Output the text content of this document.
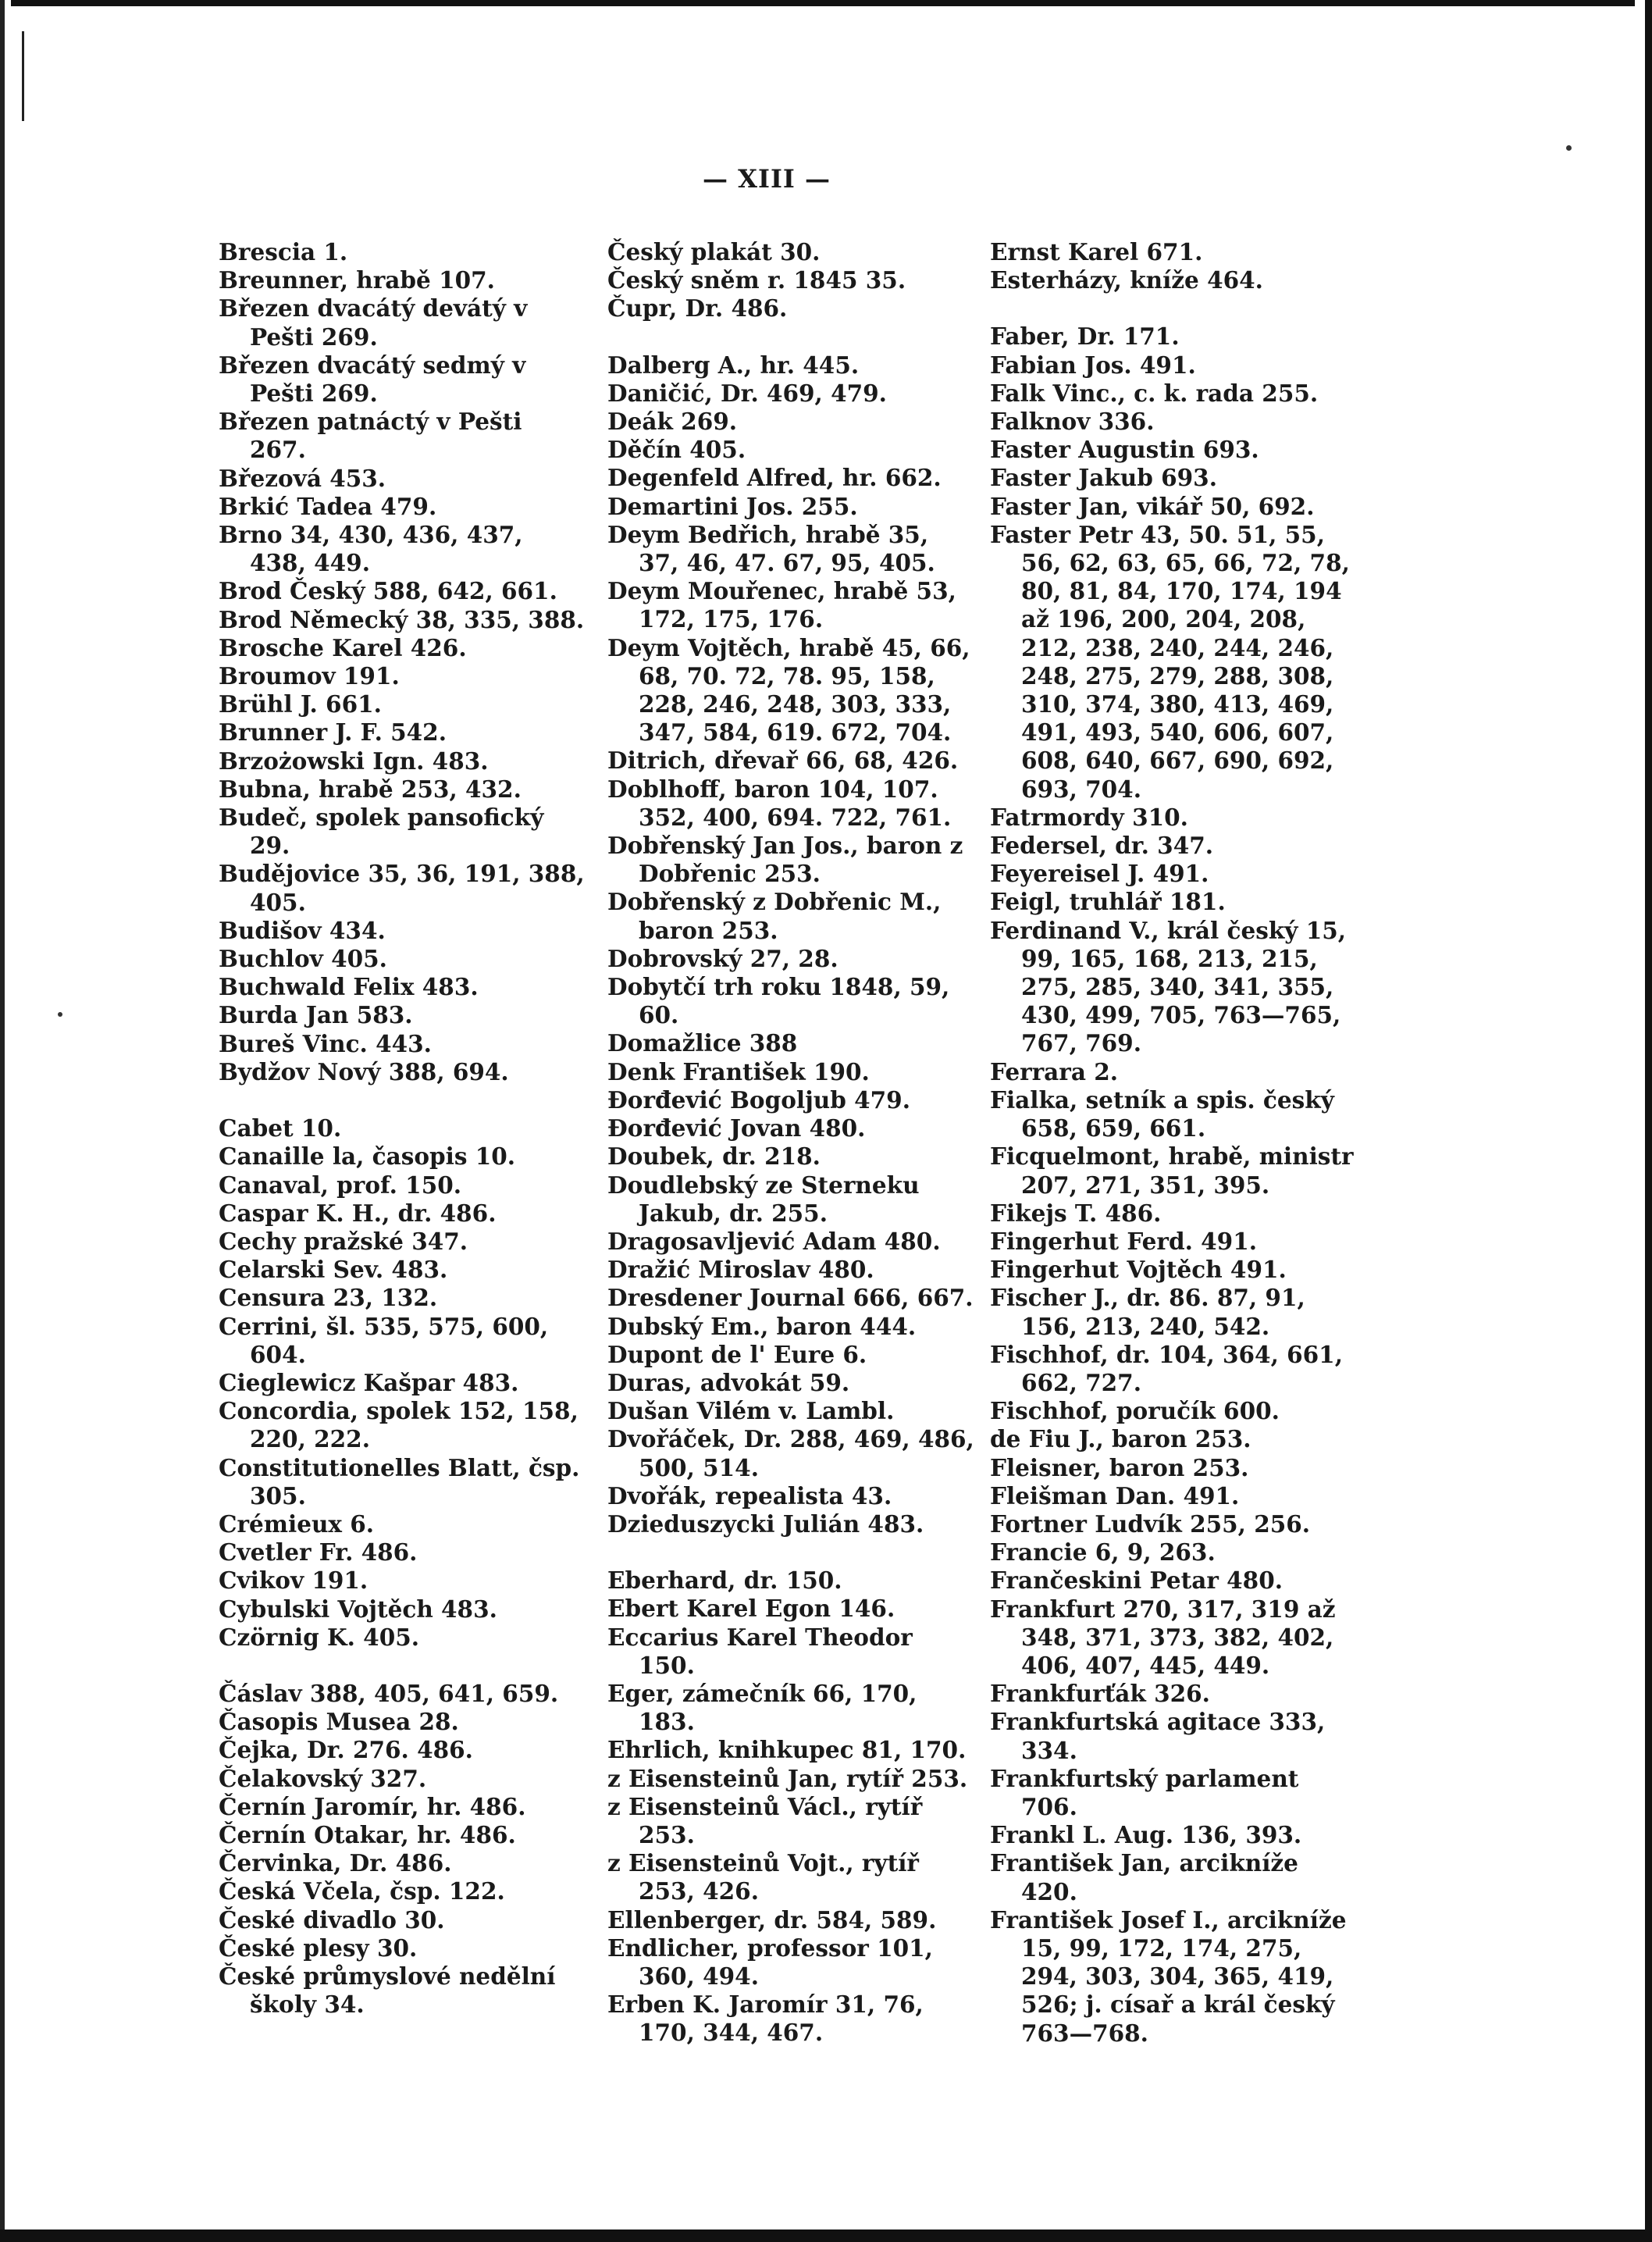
— XIII —
Brescia 1.
Breunner, hrabě 107.
Březen dvacátý devátý v Pešti 269.
Březen dvacátý sedmý v Pešti 269.
Březen patnáctý v Pešti 267.
Březová 453.
Brkić Tadea 479.
Brno 34, 430, 436, 437, 438, 449.
Brod Český 588, 642, 661.
Brod Německý 38, 335, 388.
Brosche Karel 426.
Broumov 191.
Brühl J. 661.
Brunner J. F. 542.
Brzożowski Ign. 483.
Bubna, hrabě 253, 432.
Budeč, spolek pansofický 29.
Budějovice 35, 36, 191, 388, 405.
Budišov 434.
Buchlov 405.
Buchwald Felix 483.
Burda Jan 583.
Bureš Vinc. 443.
Bydžov Nový 388, 694.
Cabet 10.
Canaille la, časopis 10.
Canaval, prof. 150.
Caspar K. H., dr. 486.
Cechy pražské 347.
Celarski Sev. 483.
Censura 23, 132.
Cerrini, šl. 535, 575, 600, 604.
Cieglewicz Kašpar 483.
Concordia, spolek 152, 158, 220, 222.
Constitutionelles Blatt, čsp. 305.
Crémieux 6.
Cvetler Fr. 486.
Cvikov 191.
Cybulski Vojtěch 483.
Czörnig K. 405.
Čáslav 388, 405, 641, 659.
Časopis Musea 28.
Čejka, Dr. 276. 486.
Čelakovský 327.
Černín Jaromír, hr. 486.
Černín Otakar, hr. 486.
Červinka, Dr. 486.
Česká Včela, čsp. 122.
České divadlo 30.
České plesy 30.
České průmyslové nedělní školy 34.
Český plakát 30.
Český sněm r. 1845 35.
Čupr, Dr. 486.
Dalberg A., hr. 445.
Daničić, Dr. 469, 479.
Deák 269.
Děčín 405.
Degenfeld Alfred, hr. 662.
Demartini Jos. 255.
Deym Bedřich, hrabě 35, 37, 46, 47. 67, 95, 405.
Deym Mouřenec, hrabě 53, 172, 175, 176.
Deym Vojtěch, hrabě 45, 66, 68, 70. 72, 78. 95, 158, 228, 246, 248, 303, 333, 347, 584, 619. 672, 704.
Ditrich, dřevař 66, 68, 426.
Doblhoff, baron 104, 107. 352, 400, 694. 722, 761.
Dobřenský Jan Jos., baron z Dobřenic 253.
Dobřenský z Dobřenic M., baron 253.
Dobrovský 27, 28.
Dobytčí trh roku 1848, 59, 60.
Domažlice 388
Denk František 190.
Đorđević Bogoljub 479.
Đorđević Jovan 480.
Doubek, dr. 218.
Doudlebský ze Sterneku Jakub, dr. 255.
Dragosavljević Adam 480.
Dražić Miroslav 480.
Dresdener Journal 666, 667.
Dubský Em., baron 444.
Dupont de l' Eure 6.
Duras, advokát 59.
Dušan Vilém v. Lambl.
Dvořáček, Dr. 288, 469, 486, 500, 514.
Dvořák, repealista 43.
Dzieduszycki Julián 483.
Eberhard, dr. 150.
Ebert Karel Egon 146.
Eccarius Karel Theodor 150.
Eger, zámečník 66, 170, 183.
Ehrlich, knihkupec 81, 170.
z Eisensteinů Jan, rytíř 253.
z Eisensteinů Václ., rytíř 253.
z Eisensteinů Vojt., rytíř 253, 426.
Ellenberger, dr. 584, 589.
Endlicher, professor 101, 360, 494.
Erben K. Jaromír 31, 76, 170, 344, 467.
Ernst Karel 671.
Esterházy, kníže 464.
Faber, Dr. 171.
Fabian Jos. 491.
Falk Vinc., c. k. rada 255.
Falknov 336.
Faster Augustin 693.
Faster Jakub 693.
Faster Jan, vikář 50, 692.
Faster Petr 43, 50. 51, 55, 56, 62, 63, 65, 66, 72, 78, 80, 81, 84, 170, 174, 194 až 196, 200, 204, 208, 212, 238, 240, 244, 246, 248, 275, 279, 288, 308, 310, 374, 380, 413, 469, 491, 493, 540, 606, 607, 608, 640, 667, 690, 692, 693, 704.
Fatrmordy 310.
Federsel, dr. 347.
Feyereisel J. 491.
Feigl, truhlář 181.
Ferdinand V., král český 15, 99, 165, 168, 213, 215, 275, 285, 340, 341, 355, 430, 499, 705, 763—765, 767, 769.
Ferrara 2.
Fialka, setník a spis. český 658, 659, 661.
Ficquelmont, hrabě, ministr 207, 271, 351, 395.
Fikejs T. 486.
Fingerhut Ferd. 491.
Fingerhut Vojtěch 491.
Fischer J., dr. 86. 87, 91, 156, 213, 240, 542.
Fischhof, dr. 104, 364, 661, 662, 727.
Fischhof, poručík 600.
de Fiu J., baron 253.
Fleisner, baron 253.
Fleišman Dan. 491.
Fortner Ludvík 255, 256.
Francie 6, 9, 263.
Frančeskini Petar 480.
Frankfurt 270, 317, 319 až 348, 371, 373, 382, 402, 406, 407, 445, 449.
Frankfurťák 326.
Frankfurtská agitace 333, 334.
Frankfurtský parlament 706.
Frankl L. Aug. 136, 393.
František Jan, arcikníže 420.
František Josef I., arcikníže 15, 99, 172, 174, 275, 294, 303, 304, 365, 419, 526; j. císař a král český 763—768.
